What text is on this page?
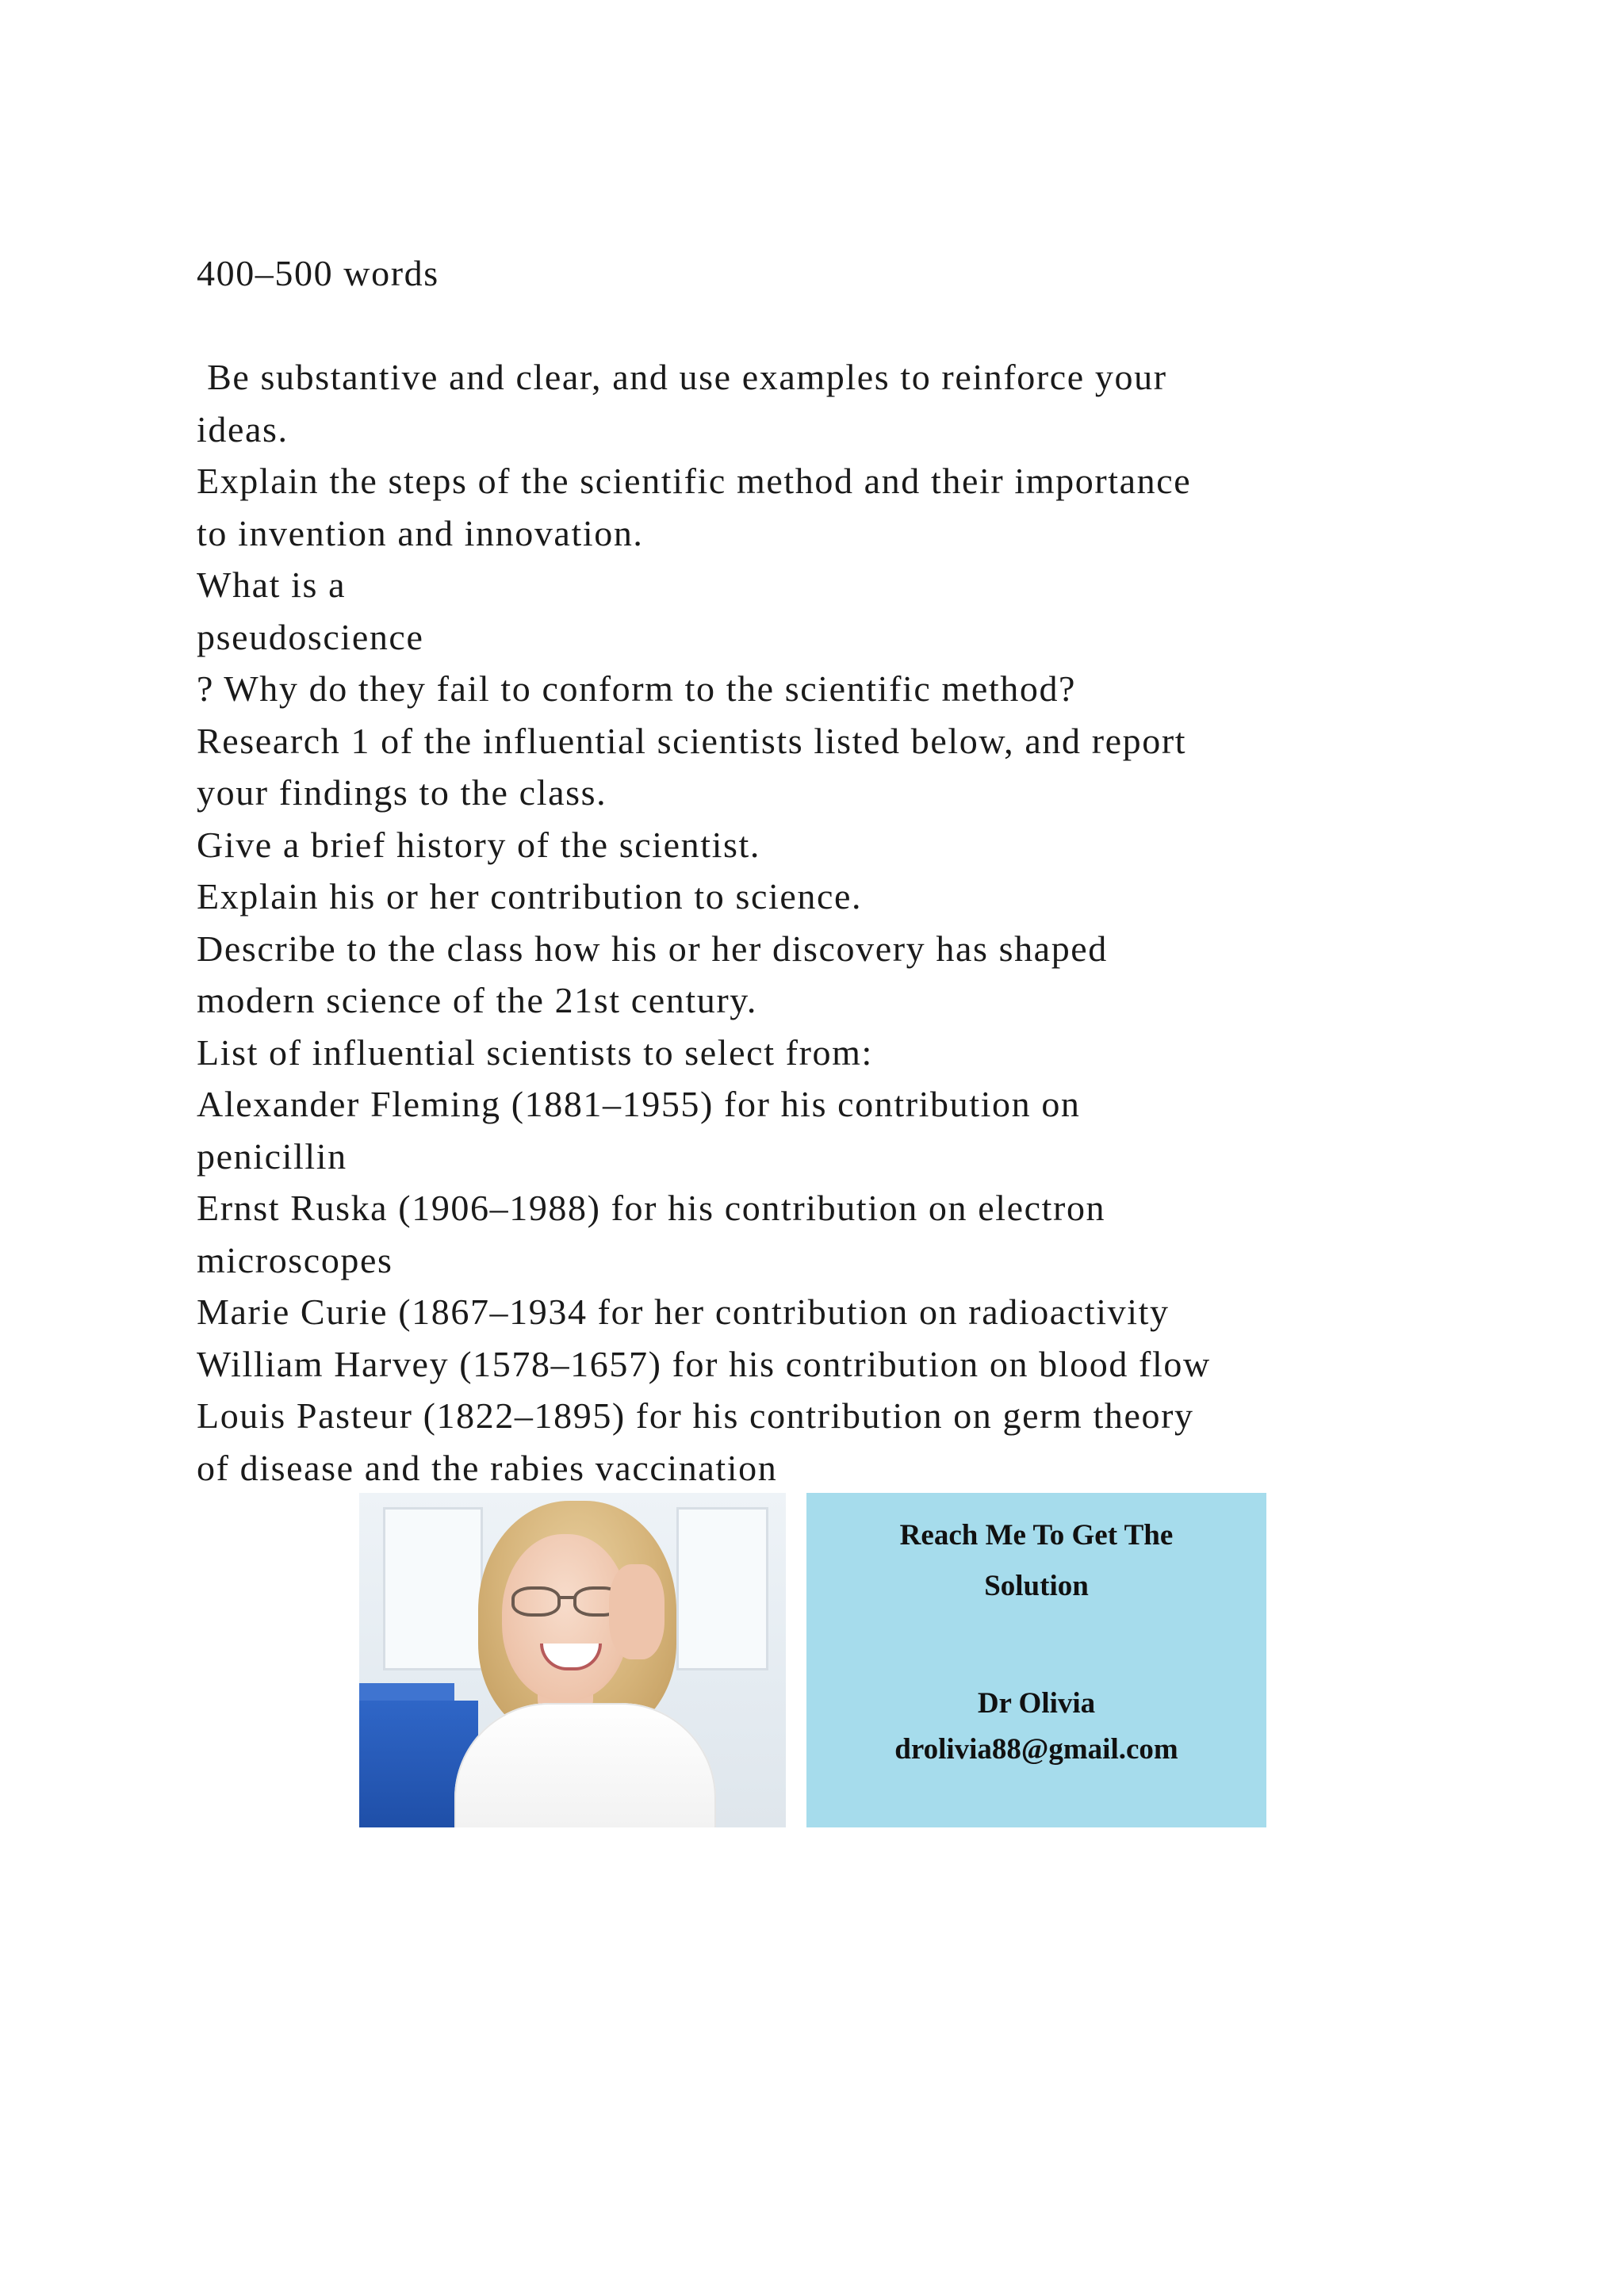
400–500 words

Be substantive and clear, and use examples to reinforce your

ideas.

Explain the steps of the scientific method and their importance

to invention and innovation.

What is a

pseudoscience

? Why do they fail to conform to the scientific method?

Research 1 of the influential scientists listed below, and report

your findings to the class.

Give a brief history of the scientist.

Explain his or her contribution to science.

Describe to the class how his or her discovery has shaped

modern science of the 21st century.

List of influential scientists to select from:

Alexander Fleming (1881–1955) for his contribution on

penicillin

Ernst Ruska (1906–1988) for his contribution on electron

microscopes

Marie Curie (1867–1934 for her contribution on radioactivity

William Harvey (1578–1657) for his contribution on blood flow

Louis Pasteur (1822–1895) for his contribution on germ theory

of disease and the rabies vaccination

Reach Me To Get The
Solution
Dr Olivia
drolivia88@gmail.com
